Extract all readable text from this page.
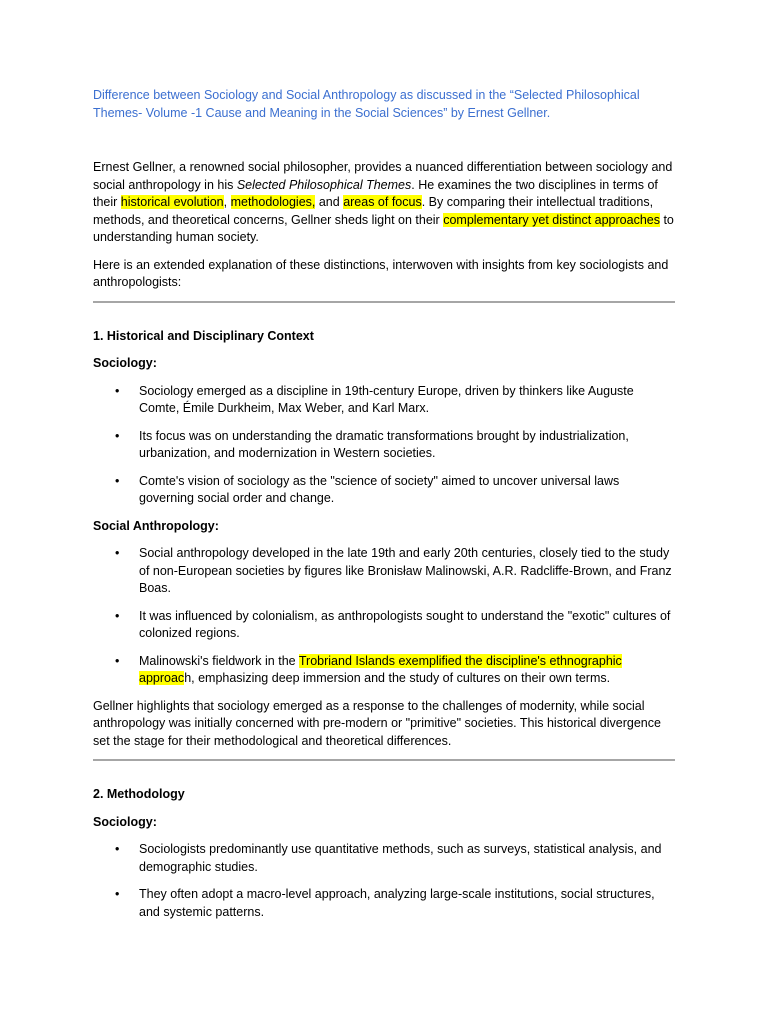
Difference between Sociology and Social Anthropology as discussed in the “Selected Philosophical Themes- Volume -1 Cause and Meaning in the Social Sciences” by Ernest Gellner.

Ernest Gellner, a renowned social philosopher, provides a nuanced differentiation between sociology and social anthropology in his Selected Philosophical Themes. He examines the two disciplines in terms of their historical evolution, methodologies, and areas of focus. By comparing their intellectual traditions, methods, and theoretical concerns, Gellner sheds light on their complementary yet distinct approaches to understanding human society.

Here is an extended explanation of these distinctions, interwoven with insights from key sociologists and anthropologists:

1. Historical and Disciplinary Context

Sociology:

• Sociology emerged as a discipline in 19th-century Europe, driven by thinkers like Auguste Comte, Émile Durkheim, Max Weber, and Karl Marx.
• Its focus was on understanding the dramatic transformations brought by industrialization, urbanization, and modernization in Western societies.
• Comte's vision of sociology as the "science of society" aimed to uncover universal laws governing social order and change.

Social Anthropology:

• Social anthropology developed in the late 19th and early 20th centuries, closely tied to the study of non-European societies by figures like Bronisław Malinowski, A.R. Radcliffe-Brown, and Franz Boas.
• It was influenced by colonialism, as anthropologists sought to understand the "exotic" cultures of colonized regions.
• Malinowski's fieldwork in the Trobriand Islands exemplified the discipline's ethnographic approach, emphasizing deep immersion and the study of cultures on their own terms.

Gellner highlights that sociology emerged as a response to the challenges of modernity, while social anthropology was initially concerned with pre-modern or "primitive" societies. This historical divergence set the stage for their methodological and theoretical differences.

2. Methodology

Sociology:

• Sociologists predominantly use quantitative methods, such as surveys, statistical analysis, and demographic studies.
• They often adopt a macro-level approach, analyzing large-scale institutions, social structures, and systemic patterns.
